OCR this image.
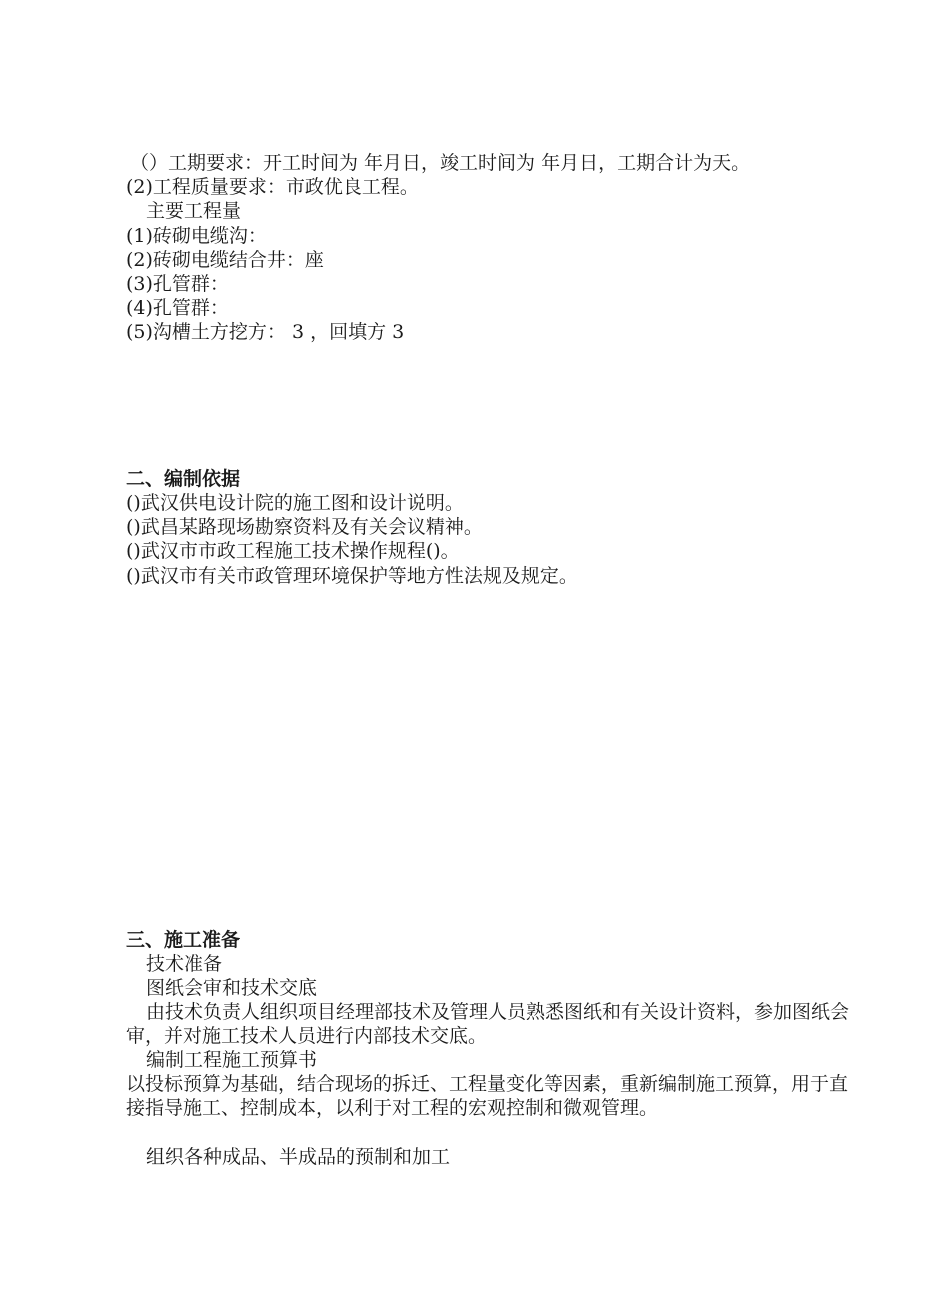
（）工期要求：开工时间为 年月日，竣工时间为 年月日，工期合计为天。
(2)工程质量要求：市政优良工程。
主要工程量
(1)砖砌电缆沟：
(2)砖砌电缆结合井：座
(3)孔管群：
(4)孔管群：
(5)沟槽土方挖方： 3 ，回填方 3
二、编制依据
()武汉供电设计院的施工图和设计说明。
()武昌某路现场勘察资料及有关会议精神。
()武汉市市政工程施工技术操作规程()。
()武汉市有关市政管理环境保护等地方性法规及规定。
三、施工准备
技术准备
图纸会审和技术交底
由技术负责人组织项目经理部技术及管理人员熟悉图纸和有关设计资料，参加图纸会审，并对施工技术人员进行内部技术交底。
编制工程施工预算书
以投标预算为基础，结合现场的拆迁、工程量变化等因素，重新编制施工预算，用于直接指导施工、控制成本，以利于对工程的宏观控制和微观管理。
组织各种成品、半成品的预制和加工
